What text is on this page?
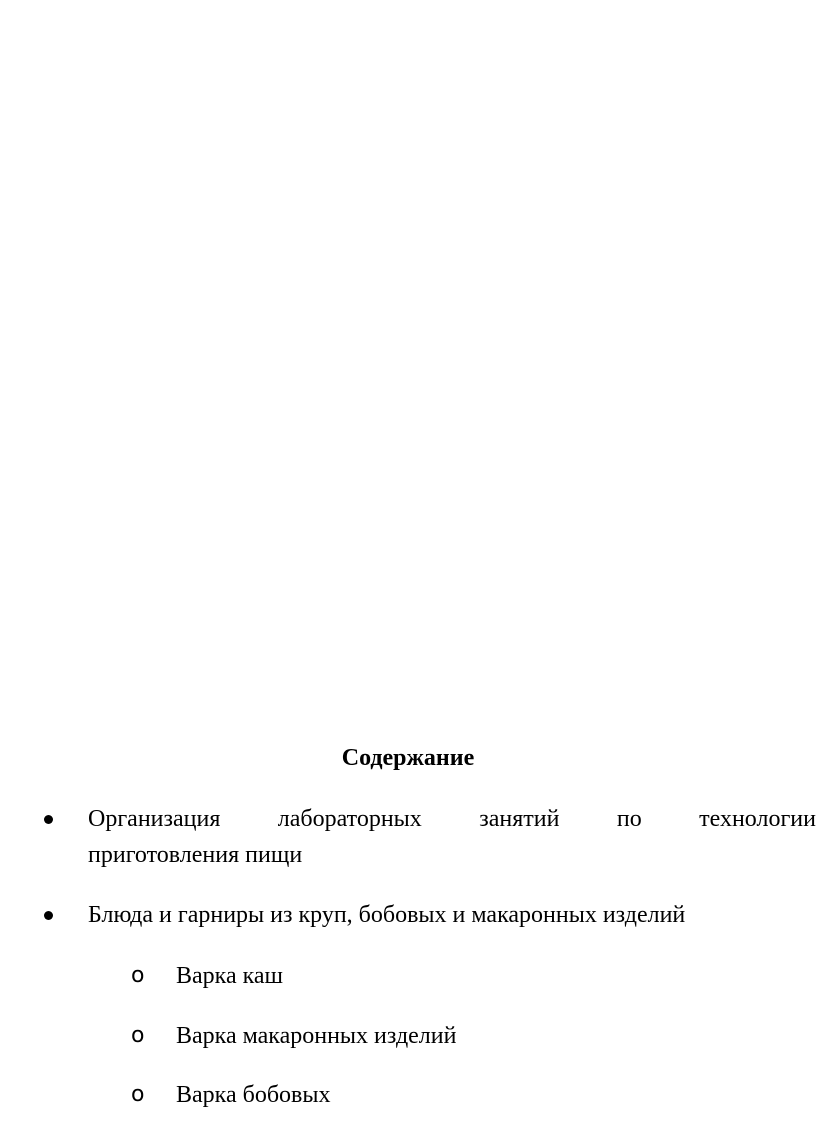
Содержание
Организация лабораторных занятий по технологии
приготовления пищи
Блюда и гарниры из круп, бобовых и макаронных изделий
o Варка каш
o Варка макаронных изделий
o Варка бобовых
